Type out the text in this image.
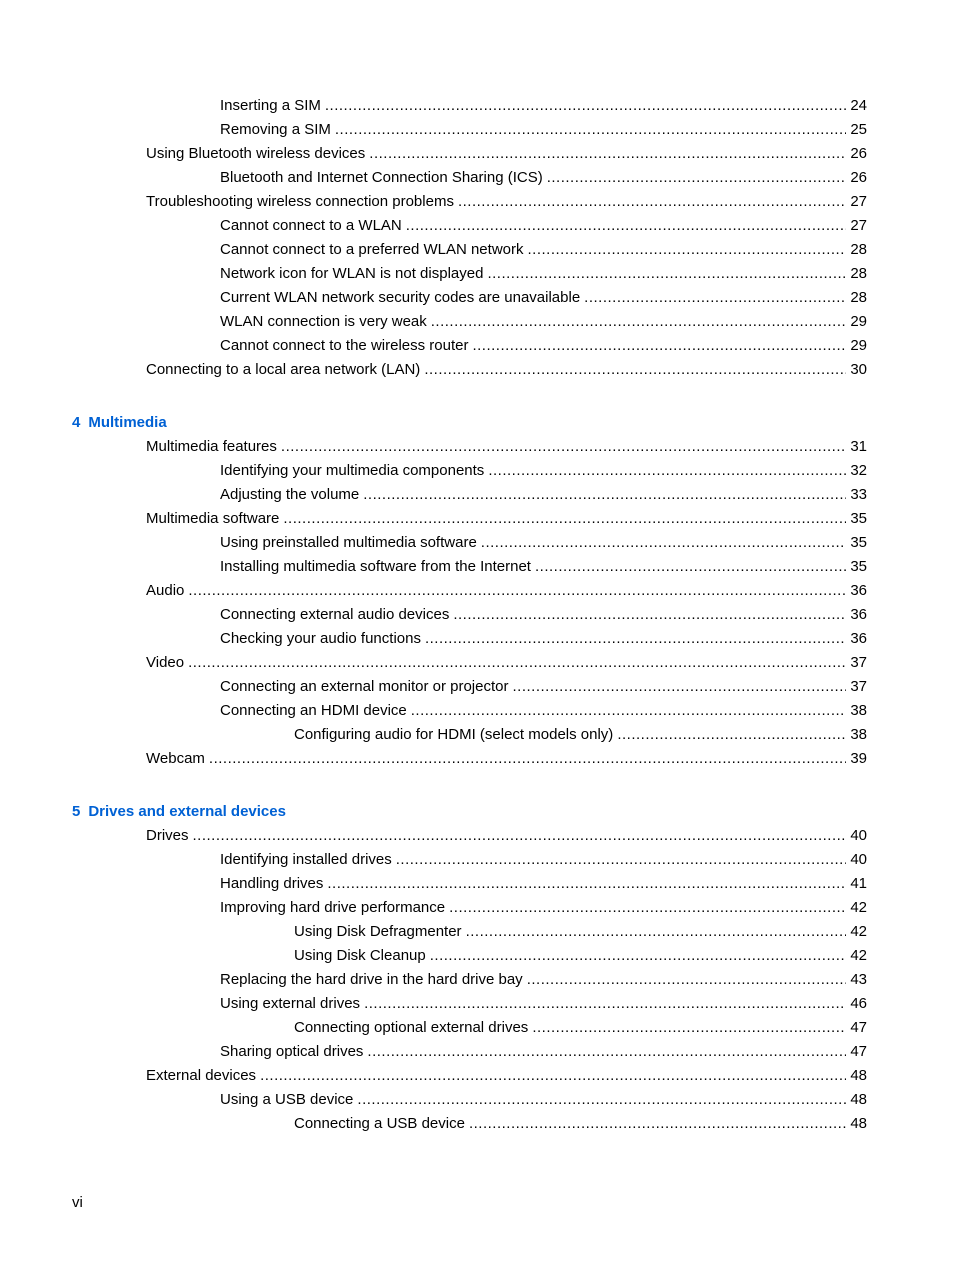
Inserting a SIM .....	24
Removing a SIM .....	25
Using Bluetooth wireless devices .....	26
Bluetooth and Internet Connection Sharing (ICS) .....	26
Troubleshooting wireless connection problems .....	27
Cannot connect to a WLAN .....	27
Cannot connect to a preferred WLAN network .....	28
Network icon for WLAN is not displayed .....	28
Current WLAN network security codes are unavailable .....	28
WLAN connection is very weak .....	29
Cannot connect to the wireless router .....	29
Connecting to a local area network (LAN) .....	30
4 Multimedia
Multimedia features .....	31
Identifying your multimedia components .....	32
Adjusting the volume .....	33
Multimedia software .....	35
Using preinstalled multimedia software .....	35
Installing multimedia software from the Internet .....	35
Audio .....	36
Connecting external audio devices .....	36
Checking your audio functions .....	36
Video .....	37
Connecting an external monitor or projector .....	37
Connecting an HDMI device .....	38
Configuring audio for HDMI (select models only) .....	38
Webcam .....	39
5 Drives and external devices
Drives .....	40
Identifying installed drives .....	40
Handling drives .....	41
Improving hard drive performance .....	42
Using Disk Defragmenter .....	42
Using Disk Cleanup .....	42
Replacing the hard drive in the hard drive bay .....	43
Using external drives .....	46
Connecting optional external drives .....	47
Sharing optical drives .....	47
External devices .....	48
Using a USB device .....	48
Connecting a USB device .....	48
vi
